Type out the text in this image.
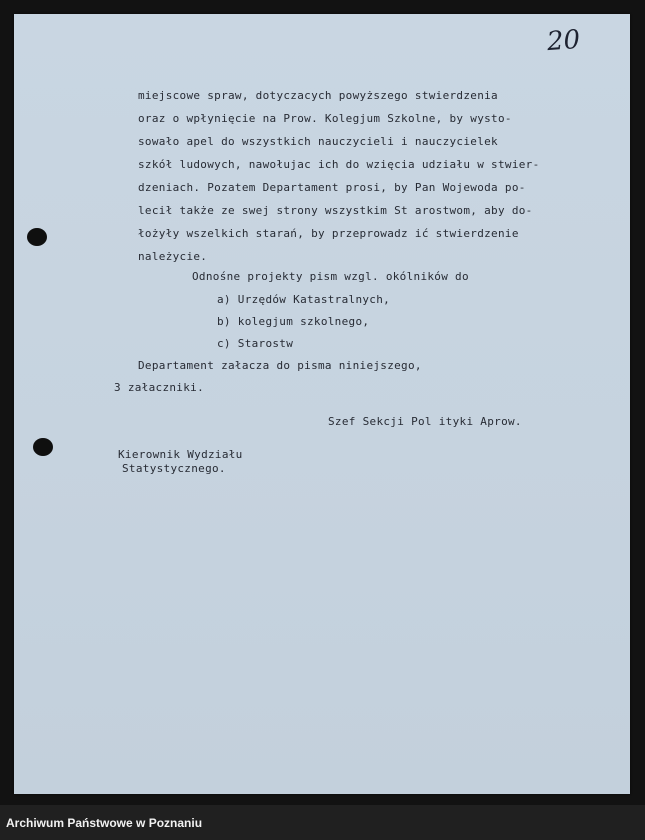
20

miejscowe spraw, dotyczacych powyższego stwierdzenia

oraz o wpłynięcie na Prow. Kolegjum Szkolne, by wysto-

sowało apel do wszystkich nauczycieli i nauczycielek

szkół ludowych, nawołujac ich do wzięcia udziału w stwier-

dzeniach. Pozatem Departament prosi, by Pan Wojewoda po-

lecił także ze swej strony wszystkim St arostwom, aby do-

łożyły wszelkich starań, by przeprowadz ić stwierdzenie

należycie.

Odnośne projekty pism wzgl. okólników do

a) Urzędów Katastralnych,

b) kolegjum szkolnego,

c) Starostw

Departament załacza do pisma niniejszego,

3 załaczniki.

Szef Sekcji Pol ityki Aprow.

Kierownik Wydziału

Statystycznego.

Archiwum Państwowe w Poznaniu
